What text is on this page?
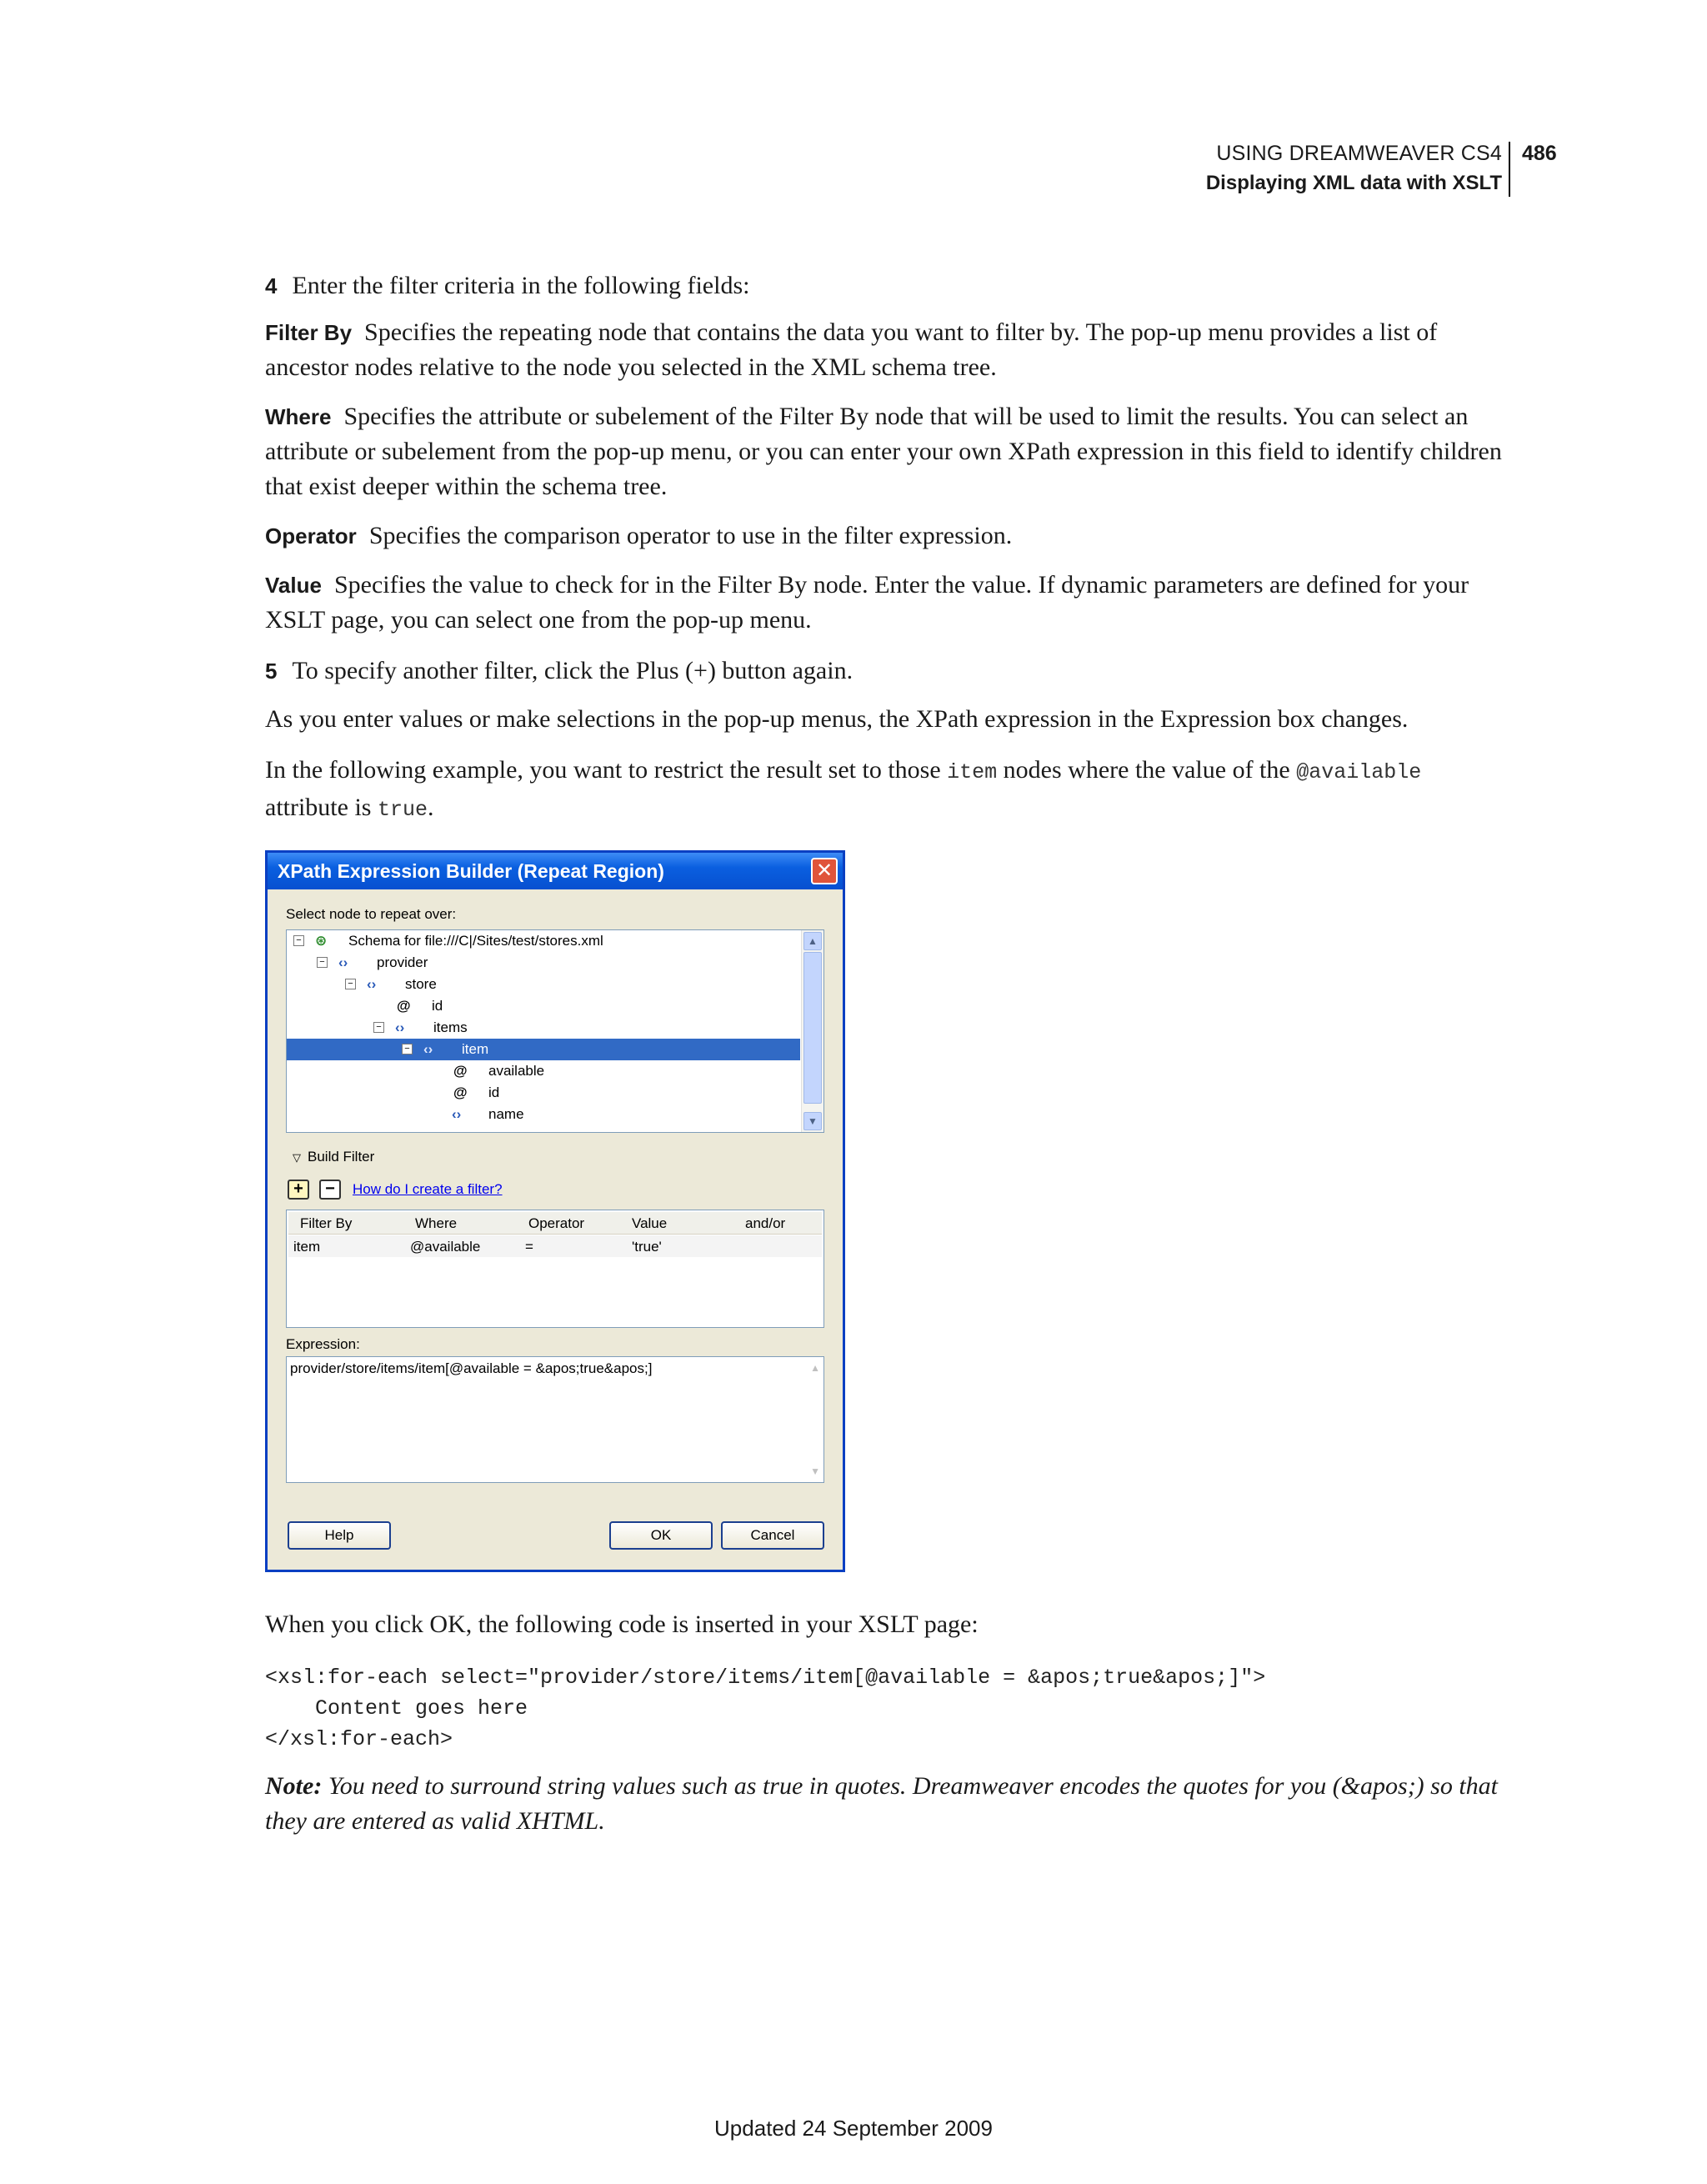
USING DREAMWEAVER CS4
Displaying XML data with XSLT
486
4 Enter the filter criteria in the following fields:
Filter By Specifies the repeating node that contains the data you want to filter by. The pop-up menu provides a list of ancestor nodes relative to the node you selected in the XML schema tree.
Where Specifies the attribute or subelement of the Filter By node that will be used to limit the results. You can select an attribute or subelement from the pop-up menu, or you can enter your own XPath expression in this field to identify children that exist deeper within the schema tree.
Operator Specifies the comparison operator to use in the filter expression.
Value Specifies the value to check for in the Filter By node. Enter the value. If dynamic parameters are defined for your XSLT page, you can select one from the pop-up menu.
5 To specify another filter, click the Plus (+) button again.
As you enter values or make selections in the pop-up menus, the XPath expression in the Expression box changes.
In the following example, you want to restrict the result set to those item nodes where the value of the @available
attribute is true.
XPath Expression Builder (Repeat Region)	✕
Select node to repeat over:
− ⊛ Schema for file:///C|/Sites/test/stores.xml
− ‹› provider
− ‹› store
@ id
− ‹› items
− ‹› item
@ available
@ id
‹› name
▲
▼
▽ Build Filter
+	−	How do I create a filter?
Filter By	Where	Operator	Value	and/or
item	@available	=	'true'
Expression:
provider/store/items/item[@available = &apos;true&apos;]	▲
▼
Help	OK	Cancel
When you click OK, the following code is inserted in your XSLT page:
<xsl:for-each select="provider/store/items/item[@available = &apos;true&apos;]">
Content goes here
</xsl:for-each>
Note: You need to surround string values such as true in quotes. Dreamweaver encodes the quotes for you (&apos;) so that they are entered as valid XHTML.
Updated 24 September 2009
